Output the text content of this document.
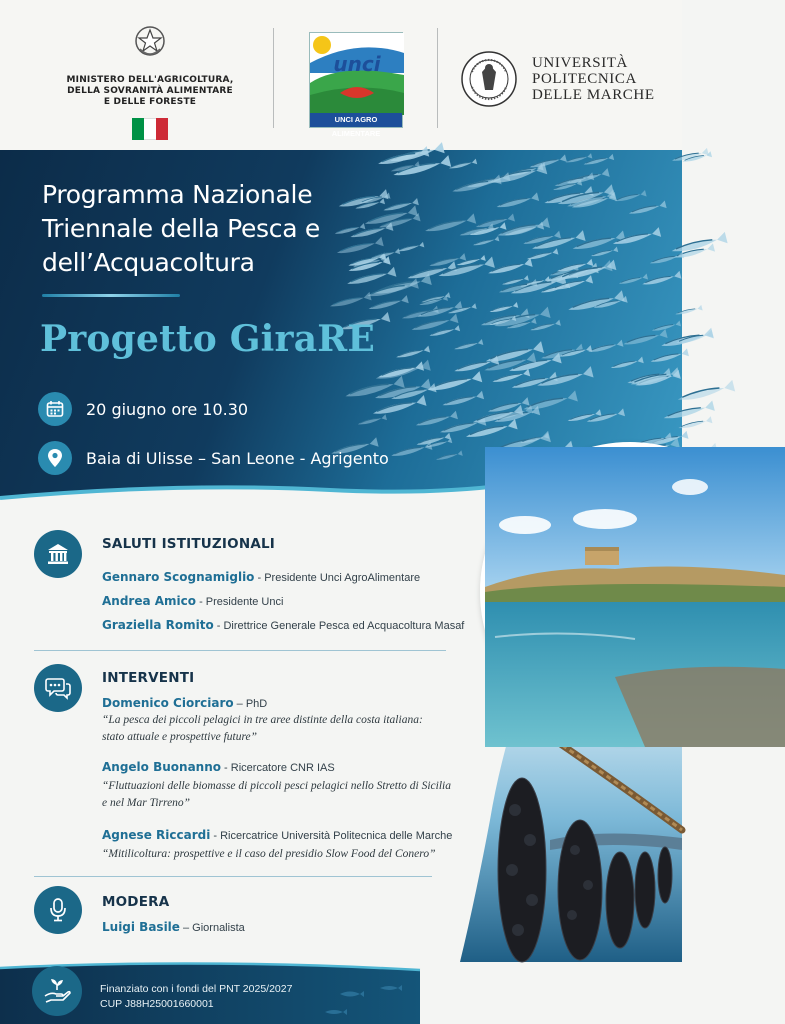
MINISTERO DELL'AGRICOLTURA,
DELLA SOVRANITÀ ALIMENTARE
E DELLE FORESTE
unci
UNCI AGRO ALIMENTARE
UNIVERSITÀ
POLITECNICA
DELLE MARCHE
Programma Nazionale
Triennale della Pesca e
dell’Acquacoltura
Progetto GiraRE
20 giugno ore 10.30
Baia di Ulisse – San Leone - Agrigento
SALUTI ISTITUZIONALI
Gennaro Scognamiglio - Presidente Unci AgroAlimentare
Andrea Amico - Presidente Unci
Graziella Romito - Direttrice Generale Pesca ed Acquacoltura Masaf
INTERVENTI
Domenico Ciorciaro – PhD
“La pesca dei piccoli pelagici in tre aree distinte della costa italiana:
stato attuale e prospettive future”
Angelo Buonanno - Ricercatore CNR IAS
“Fluttuazioni delle biomasse di piccoli pesci pelagici nello Stretto di Sicilia
e nel Mar Tirreno”
Agnese Riccardi - Ricercatrice Università Politecnica delle Marche
“Mitilicoltura: prospettive e il caso del presidio Slow Food del Conero”
MODERA
Luigi Basile – Giornalista
Finanziato con i fondi del PNT 2025/2027
CUP J88H25001660001
